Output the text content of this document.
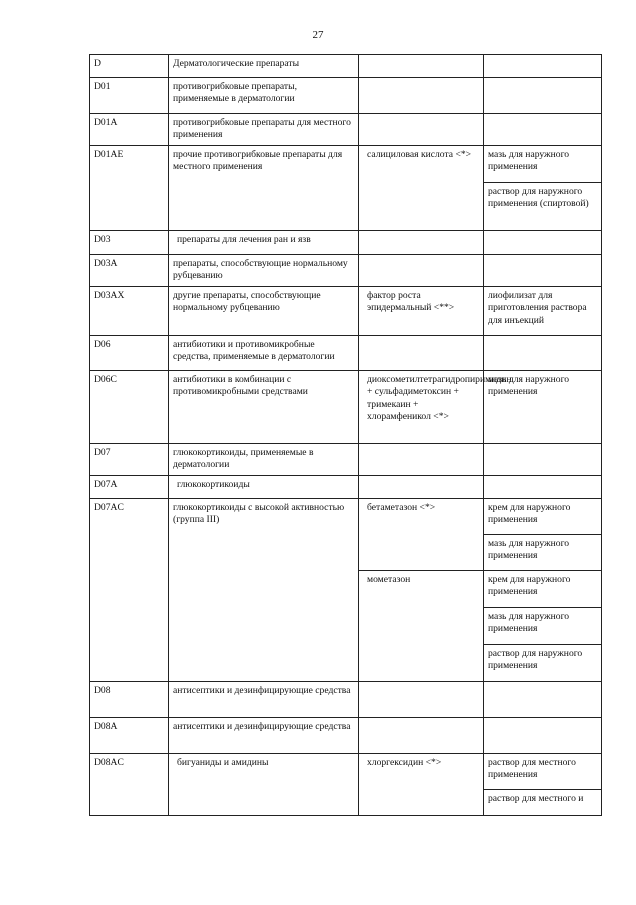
27
D	Дерматологические препараты		
D01	противогрибковые препараты, применяемые в дерматологии		
D01A	противогрибковые препараты для местного применения		
D01AE	прочие противогрибковые препараты для местного применения	салициловая кислота <*>	мазь для наружного применения
			раствор для наружного применения (спиртовой)
D03	препараты для лечения ран и язв		
D03A	препараты, способствующие нормальному рубцеванию		
D03AX	другие препараты, способствующие нормальному рубцеванию	фактор роста эпидермальный <**>	лиофилизат для приготовления раствора для инъекций
D06	антибиотики и противомикробные средства, применяемые в дерматологии		
D06C	антибиотики в комбинации с противомикробными средствами	диоксометилтетрагидропиримидин + сульфадиметоксин + тримекаин + хлорамфеникол <*>	мазь для наружного применения
D07	глюкокортикоиды, применяемые в дерматологии		
D07A	глюкокортикоиды		
D07AC	глюкокортикоиды с высокой активностью (группа III)	бетаметазон <*>	крем для наружного применения
			мазь для наружного применения
		мометазон	крем для наружного применения
			мазь для наружного применения
			раствор для наружного применения
D08	антисептики и дезинфицирующие средства		
D08A	антисептики и дезинфицирующие средства		
D08AC	бигуаниды и амидины	хлоргексидин <*>	раствор для местного применения
			раствор для местного и
